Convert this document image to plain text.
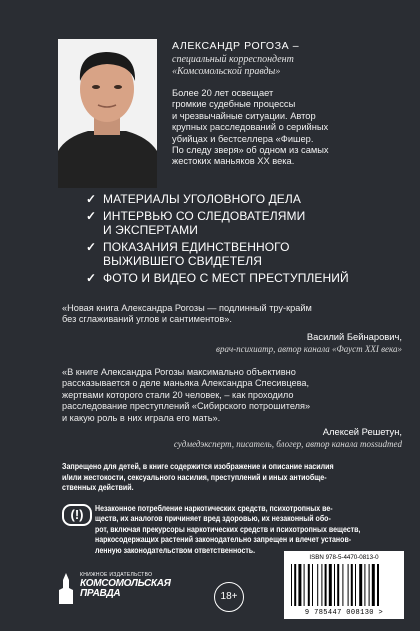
АЛЕКСАНДР РОГОЗА –
специальный корреспондент
«Комсомольской правды»
Более 20 лет освещает
громкие судебные процессы
и чрезвычайные ситуации. Автор
крупных расследований о серийных
убийцах и бестселлера «Фишер.
По следу зверя» об одном из самых
жестоких маньяков XX века.
✓ МАТЕРИАЛЫ УГОЛОВНОГО ДЕЛА
✓ ИНТЕРВЬЮ СО СЛЕДОВАТЕЛЯМИ
И ЭКСПЕРТАМИ
✓ ПОКАЗАНИЯ ЕДИНСТВЕННОГО
ВЫЖИВШЕГО СВИДЕТЕЛЯ
✓ ФОТО И ВИДЕО С МЕСТ ПРЕСТУПЛЕНИЙ
«Новая книга Александра Рогозы — подлинный тру-крайм
без сглаживаний углов и сантиментов».
Василий Бейнарович,
врач-психиатр, автор канала «Фауст XXI века»
«В книге Александра Рогозы максимально объективно
рассказывается о деле маньяка Александра Спесивцева,
жертвами которого стали 20 человек, – как проходило
расследование преступлений «Сибирского потрошителя»
и какую роль в них играла его мать».
Алексей Решетун,
судмедэксперт, писатель, блогер, автор канала mossudmed
Запрещено для детей, в книге содержится изображение и описание насилия
и/или жестокости, сексуального насилия, преступлений и иных антиобще-
ственных действий.
(!)	Незаконное потребление наркотических средств, психотропных ве-
ществ, их аналогов причиняет вред здоровью, их незаконный обо-
рот, включая прекурсоры наркотических средств и психотропных веществ,
наркосодержащих растений законодательно запрещен и влечет установ-
ленную законодательством ответственность.
КНИЖНОЕ ИЗДАТЕЛЬСТВО
КОМСОМОЛЬСКАЯ
ПРАВДА	18+
ISBN 978-5-4470-0813-0
9 785447 008130 >
